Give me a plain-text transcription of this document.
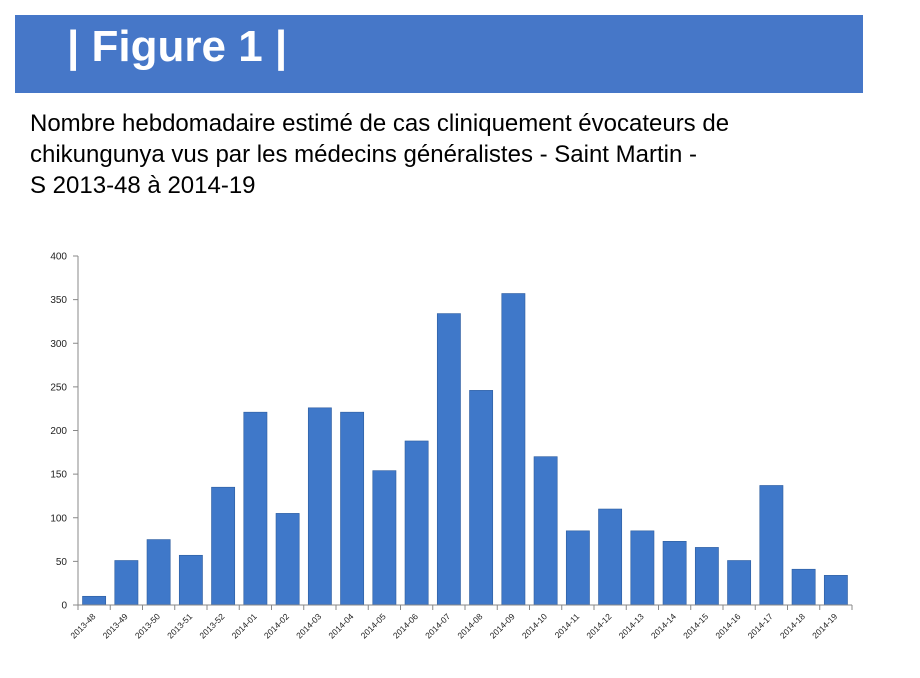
| Figure 1 |
Nombre hebdomadaire estimé de cas cliniquement évocateurs de
chikungunya vus par les médecins généralistes - Saint Martin -
S 2013-48 à 2014-19
0
50
100
150
200
250
300
350
400
2013-48 2013-49 2013-50 2013-51 2013-52 2014-01 2014-02 2014-03 2014-04 2014-05 2014-06 2014-07 2014-08 2014-09 2014-10 2014-11 2014-12 2014-13 2014-14 2014-15 2014-16 2014-17 2014-18 2014-19
